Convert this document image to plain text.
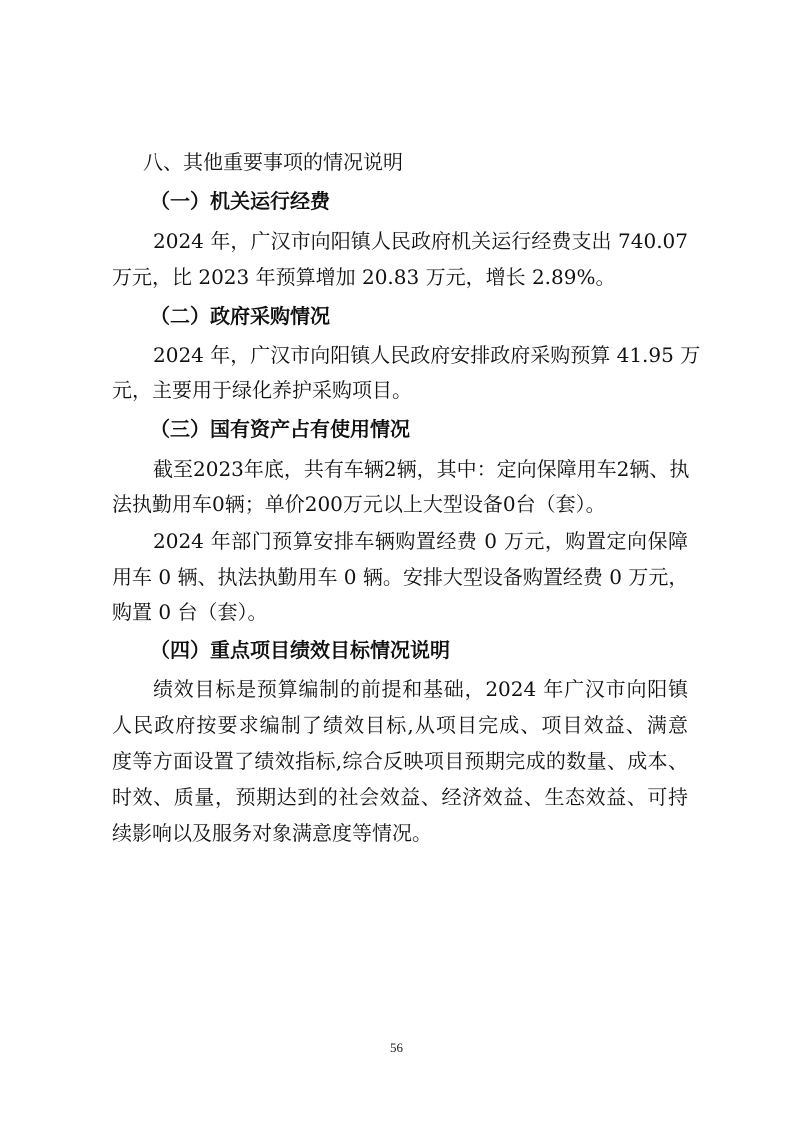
八、其他重要事项的情况说明
（一）机关运行经费
2024 年，广汉市向阳镇人民政府机关运行经费支出 740.07
万元，比 2023 年预算增加 20.83 万元，增长 2.89%。
（二）政府采购情况
2024 年，广汉市向阳镇人民政府安排政府采购预算 41.95 万
元，主要用于绿化养护采购项目。
（三）国有资产占有使用情况
截至2023年底，共有车辆2辆，其中：定向保障用车2辆、执
法执勤用车0辆；单价200万元以上大型设备0台（套）。
2024 年部门预算安排车辆购置经费 0 万元，购置定向保障
用车 0 辆、执法执勤用车 0 辆。安排大型设备购置经费 0 万元，
购置 0 台（套）。
（四）重点项目绩效目标情况说明
绩效目标是预算编制的前提和基础，2024 年广汉市向阳镇
人民政府按要求编制了绩效目标,从项目完成、项目效益、满意
度等方面设置了绩效指标,综合反映项目预期完成的数量、成本、
时效、质量，预期达到的社会效益、经济效益、生态效益、可持
续影响以及服务对象满意度等情况。
56
